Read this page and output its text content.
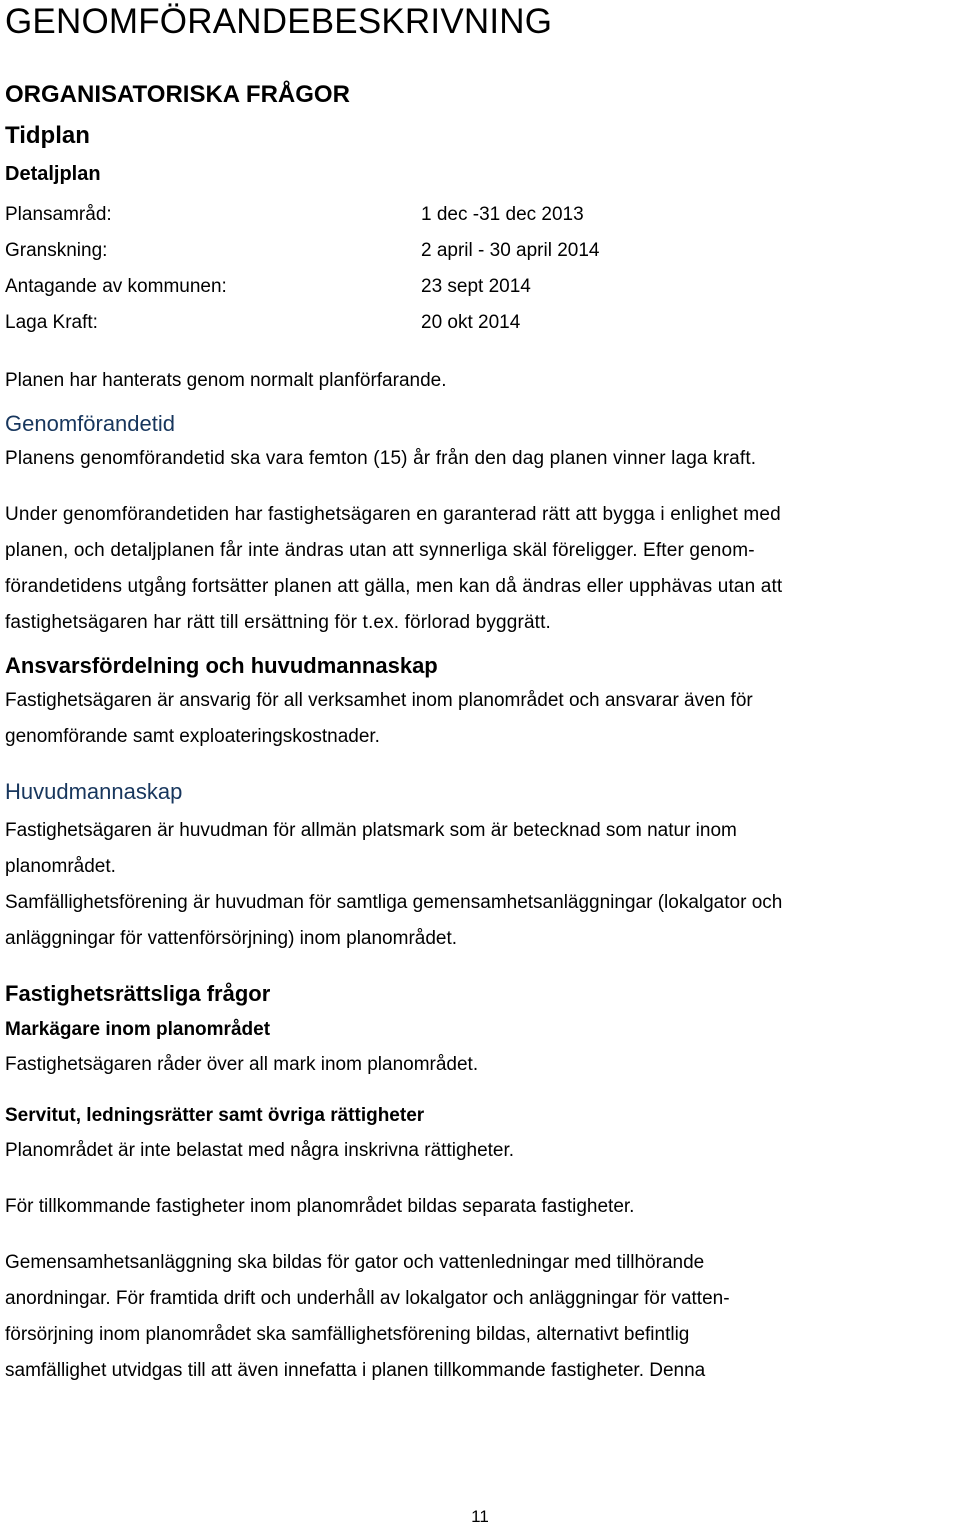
GENOMFÖRANDEBESKRIVNING
ORGANISATORISKA FRÅGOR
Tidplan
Detaljplan
Plansamråd:	1 dec -31 dec 2013
Granskning:	2 april - 30 april 2014
Antagande av kommunen:	23 sept 2014
Laga Kraft:	20 okt 2014

Planen har hanterats genom normalt planförfarande.

Genomförandetid

Planens genomförandetid ska vara femton (15) år från den dag planen vinner laga kraft.

Under genomförandetiden har fastighetsägaren en garanterad rätt att bygga i enlighet med

planen, och detaljplanen får inte ändras utan att synnerliga skäl föreligger. Efter genom-

förandetidens utgång fortsätter planen att gälla, men kan då ändras eller upphävas utan att

fastighetsägaren har rätt till ersättning för t.ex. förlorad byggrätt.

Ansvarsfördelning och huvudmannaskap

Fastighetsägaren är ansvarig för all verksamhet inom planområdet och ansvarar även för

genomförande samt exploateringskostnader.

Huvudmannaskap

Fastighetsägaren är huvudman för allmän platsmark som är betecknad som natur inom

planområdet.

Samfällighetsförening är huvudman för samtliga gemensamhetsanläggningar (lokalgator och

anläggningar för vattenförsörjning) inom planområdet.

Fastighetsrättsliga frågor
Markägare inom planområdet

Fastighetsägaren råder över all mark inom planområdet.

Servitut, ledningsrätter samt övriga rättigheter

Planområdet är inte belastat med några inskrivna rättigheter.

För tillkommande fastigheter inom planområdet bildas separata fastigheter.

Gemensamhetsanläggning ska bildas för gator och vattenledningar med tillhörande

anordningar. För framtida drift och underhåll av lokalgator och anläggningar för vatten-

försörjning inom planområdet ska samfällighetsförening bildas, alternativt befintlig

samfällighet utvidgas till att även innefatta i planen tillkommande fastigheter. Denna

11
